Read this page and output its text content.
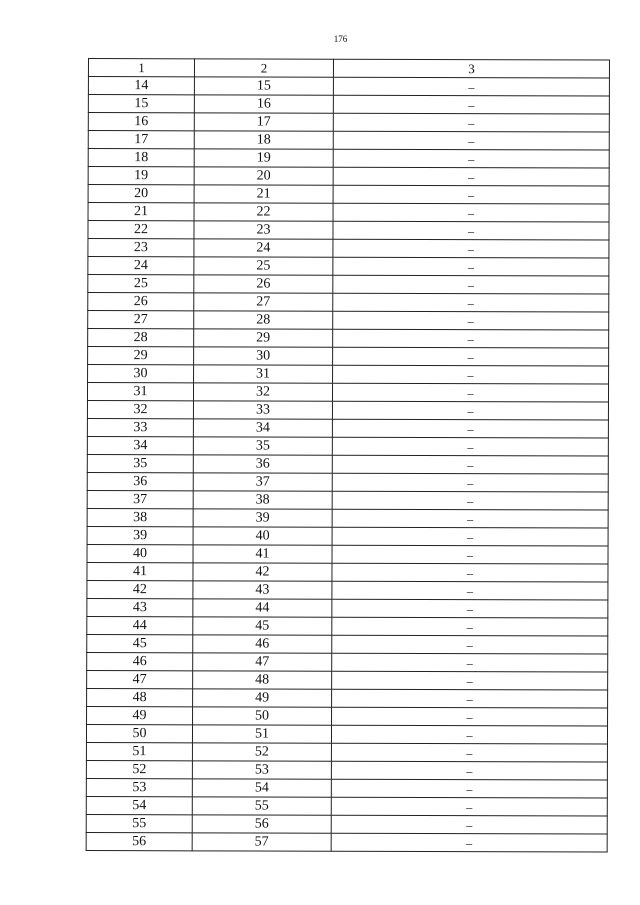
176
1	2	3
14	15	–
15	16	–
16	17	–
17	18	–
18	19	–
19	20	–
20	21	–
21	22	–
22	23	–
23	24	–
24	25	–
25	26	–
26	27	–
27	28	–
28	29	–
29	30	–
30	31	–
31	32	–
32	33	–
33	34	–
34	35	–
35	36	–
36	37	–
37	38	–
38	39	–
39	40	–
40	41	–
41	42	–
42	43	–
43	44	–
44	45	–
45	46	–
46	47	–
47	48	–
48	49	–
49	50	–
50	51	–
51	52	–
52	53	–
53	54	–
54	55	–
55	56	–
56	57	–
